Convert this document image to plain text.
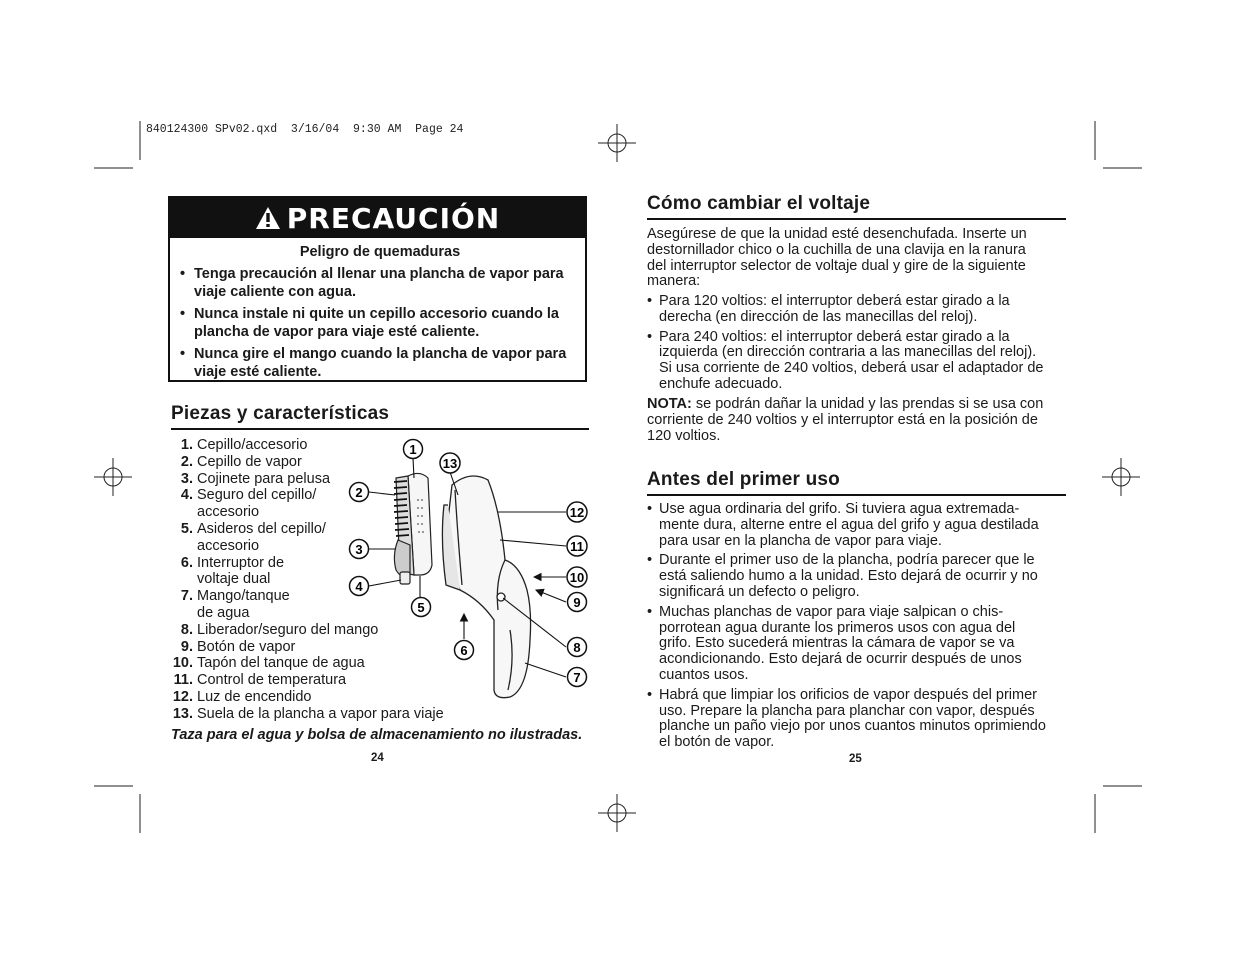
840124300 SPv02.qxd  3/16/04  9:30 AM  Page 24
PRECAUCIÓN
Peligro de quemaduras
• Tenga precaución al llenar una plancha de vapor para
viaje caliente con agua.
• Nunca instale ni quite un cepillo accesorio cuando la
plancha de vapor para viaje esté caliente.
• Nunca gire el mango cuando la plancha de vapor para
viaje esté caliente.
Piezas y características
1. Cepillo/accesorio
2. Cepillo de vapor
3. Cojinete para pelusa
4. Seguro del cepillo/
accesorio
5. Asideros del cepillo/
accesorio
6. Interruptor de
voltaje dual
7. Mango/tanque
de agua
8. Liberador/seguro del mango
9. Botón de vapor
10. Tapón del tanque de agua
11. Control de temperatura
12. Luz de encendido
13. Suela de la plancha a vapor para viaje
1
2
3
4
5
6
7
8
9
10
11
12
13
Taza para el agua y bolsa de almacenamiento no ilustradas.
24
Cómo cambiar el voltaje
Asegúrese de que la unidad esté desenchufada. Inserte un
destornillador chico o la cuchilla de una clavija en la ranura
del interruptor selector de voltaje dual y gire de la siguiente
manera:
• Para 120 voltios: el interruptor deberá estar girado a la
derecha (en dirección de las manecillas del reloj).
• Para 240 voltios: el interruptor deberá estar girado a la
izquierda (en dirección contraria a las manecillas del reloj).
Si usa corriente de 240 voltios, deberá usar el adaptador de
enchufe adecuado.
NOTA: se podrán dañar la unidad y las prendas si se usa con
corriente de 240 voltios y el interruptor está en la posición de
120 voltios.
Antes del primer uso
• Use agua ordinaria del grifo. Si tuviera agua extremada-
mente dura, alterne entre el agua del grifo y agua destilada
para usar en la plancha de vapor para viaje.
• Durante el primer uso de la plancha, podría parecer que le
está saliendo humo a la unidad. Esto dejará de ocurrir y no
significará un defecto o peligro.
• Muchas planchas de vapor para viaje salpican o chis-
porrotean agua durante los primeros usos con agua del
grifo. Esto sucederá mientras la cámara de vapor se va
acondicionando. Esto dejará de ocurrir después de unos
cuantos usos.
• Habrá que limpiar los orificios de vapor después del primer
uso. Prepare la plancha para planchar con vapor, después
planche un paño viejo por unos cuantos minutos oprimiendo
el botón de vapor.
25
